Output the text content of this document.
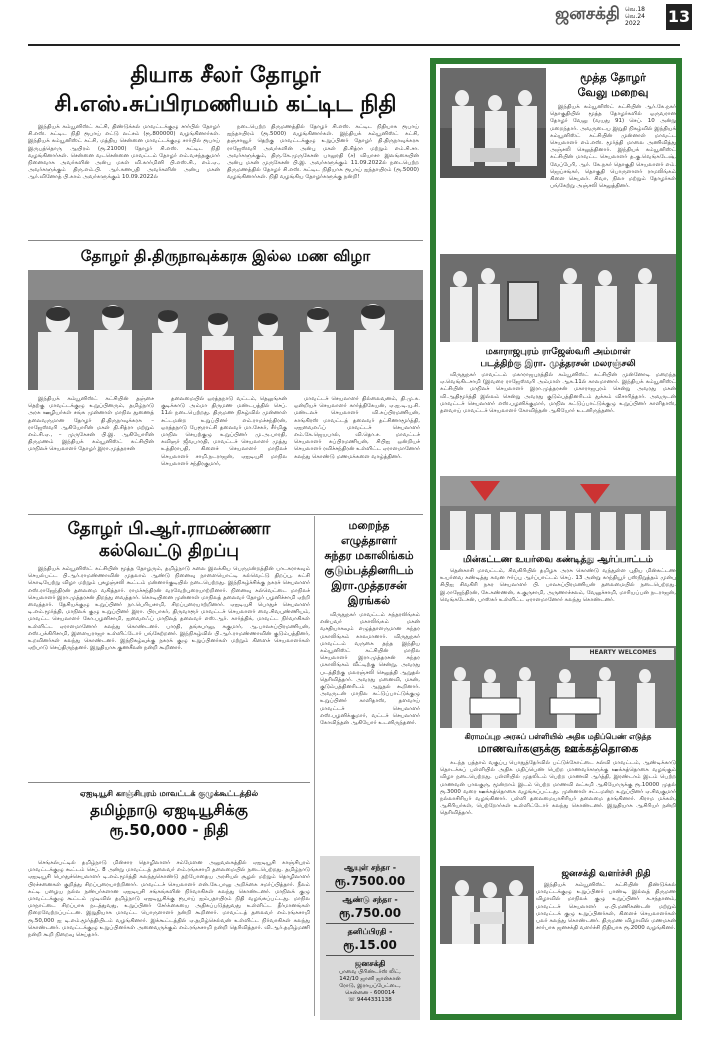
ஜனசக்தி வெ.18
வெ.24
2022	13
தியாக சீலர் தோழர்
சி.எஸ்.சுப்பிரமணியம் கட்டிட நிதி

இந்தியக் கம்யூனிஸ்ட் கட்சி, திண்டுக்கல் மாவட்டக்குழு சார்பில் தோழர் சி.எஸ். கட்டிட நிதி ரூபாய் எட்டு லட்சம் (ரூ.800000) வழங்கினார்கள். இந்தியக் கம்யூனிஸ்ட் கட்சி, மத்திய சென்னை மாவட்டக்குழு சார்பில் ரூபாய் இருபத்தொரு ஆயிரம் (ரூ.21000) தோழர் சி.எஸ். கட்டிட நிதி வழங்கினார்கள். சென்னை வடசென்னை மாவட்டம் தோழர் எம்.வசந்தகுமார் நினைவாக அவர்களின் அன்பு மகள் வி.கார்மினி பி.எஸ்.சி., எம்.ஏ., அவர்களுக்கும் திரு.எம்.பி. ஆர்.கணபதி அவர்களின் அன்பு மகன் ஆர்.வினோத் பி.காம் அவர்களுக்கும் 10.09.2022ல்

நடைபெற்ற திருமணத்தில் தோழர் சி.எஸ். கட்டிட நிதியாக ரூபாய் ஐந்தாயிரம் (ரூ.5000) வழங்கினார்கள். இந்தியக் கம்யூனிஸ்ட் கட்சி, தஞ்சாவூர் தெற்கு மாவட்டக்குழு உறுப்பினர் தோழர் தி.திருநாவுக்கரசு ராஜேஸ்வரி அவர்களின் அன்பு மகள் தி.சித்ரா மற்றும் எம்.சி.சா. அவர்களுக்கும், திரு.கே.முருகேசன் பாலுரதி (ச) வியாசா இலங்கையின் அன்பு மகன் முருகேசன் பி.இ. அவர்களுக்கும் 11.09.2022ல் நடைபெற்ற திருமணத்தில் தோழர் சி.எஸ். கட்டிட நிதியாக ரூபாய் ஐந்தாயிரம் (ரூ.5000) வழங்கினார்கள். நிதி வழங்கிய தோழர்களுக்கு நன்றி!

தோழர் தி.திருநாவுக்கரசு இல்ல மண விழா

இந்தியக் கம்யூனிஸ்ட் கட்சியின் தஞ்சை தெற்கு மாவட்டக்குழு உறுப்பினரும், தமிழ்நாடு அரசு ஊழியர்கள் சங்க முன்னாள் மாநில துணைத் தலைவருமான தோழர் தி.திருநாவுக்கரசு – ராஜேஸ்வரி ஆகியோரின் மகள் தி.சித்ரா மற்றும் எம்.சி.ஏ., – முருகேசன் பி.இ. ஆகியோரின் திருமணம் இந்தியக் கம்யூனிஸ்ட் கட்சியின் மாநிலச் செயலாளர் தோழர் இரா.முத்தரசன்

தலைமையில் ஒரத்தநாடு வட்டம், தெலுங்கன் குடிக்காடு அம்மா திருமண மண்டபத்தில் செப். 11ல் நடைபெற்றது. திருமண நிகழ்வில் முன்னாள் சட்டமன்ற உறுப்பினர் எம்.ராமச்சந்திரன், ஒரத்தநாடு பேரூராட்சி தலைவர் மா.சேகர், சீர்மிகு மாநில செயற்குழு உறுப்பினர் மு.அ.பாரதி, கவிஞர் ஜீவபாரதி, மாவட்டச் செயலாளர் முத்து உத்திராபதி, கிளைச் செயலாளர் மாநிலச் செயலாளர் சாமி.நடராஜன், ஏஐடியுசி மாநில செயலாளர் சந்திரகுமார்,

மாவட்டச் செயலாளர் தில்லைவனம், தி.மு.க. ஒன்றியச் செயலாளர் கார்த்திகேயன், ஏ.ஐ.டி.யு.சி. மண்டலச் செயலாளர் வி.சுப்பிரமணியன், காங்கிரஸ் மாவட்டத் தலைவர் தட்சிணாமூர்த்தி, ஏஐவைஎஃப் மாவட்டச் செயலாளர் எம்.கே.ஜெயபால், வி.தொ.ச. மாவட்டச் செயலாளர் சுப்பிரமணியன், சிபிஐ ஒன்றியச் செயலாளர் ரவிச்சந்திரன் உள்ளிட்ட ஏராளமானோர் கலந்து கொண்டு மணமக்களை வாழ்த்தினர்.

தோழர் பி.ஆர்.ராமண்ணா
கல்வெட்டு திறப்பு

இந்தியக் கம்யூனிஸ்ட் கட்சியின் மூத்த தோழரும், தமிழ்நாடு கலை இலக்கிய பெருமன்றத்தின் பாடகராகவும் செயல்பட்ட பி.ஆர்.ராமண்ணாவின் முதலாம் ஆண்டு நினைவு நாளையொட்டி கல்வெட்டு திறப்பு, கட்சி கொடியேற்று விழா மற்றும் புகழஞ்சலி கூட்டம் மன்னார்குடியில் நடைபெற்றது. இந்நிகழ்ச்சிக்கு நகரச் செயலாளர் எஸ்.ராஜேந்திரன் தலைமை வகித்தார். ராமச்சந்திரன் வரவேற்புரையாற்றினார். நினைவு கல்வெட்டை மாநிலச் செயலாளர் இரா.முத்தரசன் திறந்து வைத்தார். கொடியினை முன்னாள் மாநிலத் தலைவர் தோழர் பழனிச்சாமி ஏற்றி வைத்தார். தேசியக்குழு உறுப்பினர் நா.பெரியசாமி, சிறப்புரையாற்றினார். ஏஐடியுசி பொதுச் செயலாளர் டி.எம்.மூர்த்தி, மாநிலக் குழு உறுப்பினர் இரா. பிரபாகர், திருவாரூர் மாவட்டச் செயலாளர் வை.சிவபுண்ணியம், மாவட்ட செயலாளர் கோ.பழனிசாமி, ஐவைஎஃப் மாநிலத் தலைவர் எஸ்.ஆர். கார்த்திக், மாவட்ட நிர்வாகிகள் உள்ளிட்ட ஏராளமானோர் கலந்து கொண்டனர். பாரதி, தங்கபாலு, சுகுமார், ஆ.பாலசுப்பிரமணியன், எஸ்.பக்கிரிசாமி, இளையராஜா உள்ளிட்டோர் பங்கேற்றனர். இந்நிகழ்வில் பி.ஆர்.ராமண்ணாவின் குடும்பத்தினர், உறவினர்கள் கலந்து கொண்டனர். இந்நிகழ்வுக்கு நகரக் குழு உறுப்பினர்கள் மற்றும் கிளைச் செயலாளர்கள் ஏற்பாடு செய்திருந்தனர். இறுதியாக குணசீலன் நன்றி கூறினார்.

மறைந்த
எழுத்தாளர்
சுந்தர மகாலிங்கம்
குடும்பத்தினரிடம்
இரா.முத்தரசன்
இரங்கல்

விருதுநகர் மாவட்டம் சுந்தரலிங்கம் என்பவர் மகாலிங்கம் மகன் வசதியாகவும் எழுத்தாளருமான சுந்தர மகாலிங்கம் காலமானார். விருதுநகர் மாவட்டம் வருகை தந்த இந்திய கம்யூனிஸ்ட் கட்சியின் மாநில செயலாளர் இரா.முத்தரசன் சுந்தர மகாலிங்கம் வீட்டிற்கு சென்று, அவரது படத்திற்கு மலரஞ்சலி செலுத்தி ஆறுதல் தெரிவித்தார். அவரது மனைவி, மகன், குடும்பத்தினரிடம் ஆறுதல் கூறினார். அவருடன் மாநில கட்டுப்பாட்டுக்குழு உறுப்பினர் காளிதாஸ், தளவாய் மாவட்டச் செயலாளர் எஸ்.பழனிக்குமார், வட்டச் செயலாளர் கோவிந்தன் ஆகியோர் உடனிருந்தனர்.

ஆயுள் சந்தா -
ரூ.7500.00
ஆண்டு சந்தா -
ரூ.750.00
தனிப்பிரதி -
ரூ.15.00
ஜனசக்தி
பாவை பிரிண்டர்ஸ் லிட்,
142/10 ஜானி ஜான்கான்
ரோடு, இராயப்பேட்டை,
சென்னை - 600014
☏ 9444331138
ஏஐடியூசி காஞ்சிபுரம் மாவட்டக் குழுக்கூட்டத்தில்
தமிழ்நாடு ஏஐடியூசிக்கு
ரூ.50,000 - நிதி

செங்கல்பட்டில் தமிழ்நாடு மின்சார தொழிலாளர் சம்மேளன அலுவலகத்தில் ஏஐடியூசி காஞ்சிபுரம் மாவட்டக்குழு கூட்டம் செப். 8 அன்று மாவட்டத் தலைவர் எம்.ரங்கசாமி தலைமையில் நடைபெற்றது. தமிழ்நாடு ஏஐடியூசி பொதுச்செயலாளர் டி.எம்.மூர்த்தி கலந்துகொண்டு தற்போதைய அரசியல் சூழல் மற்றும் தொழிலாளர் பிரச்சனைகள் குறித்து சிறப்புரையாற்றினார். மாவட்டச் செயலாளர் என்.கே.பாலு அறிக்கை சமர்ப்பித்தார். நீலம் கட்டி பழைய நல்ல நண்பர்களான ஏஐடியுசி சங்கங்களின் நிர்வாகிகள் கலந்து கொண்டனர். மாநிலக் குழு மாவட்டக்குழு கூட்டம் முடிவில் தமிழ்நாடு ஏஐடியூசிக்கு ரூபாய் ஐம்பதாயிரம் நிதி வழங்கப்பட்டது. மாநில மாநாட்டை சிறப்பாக நடத்துவது, உறுப்பினர் சேர்க்கையை அதிகப்படுத்துவது உள்ளிட்ட தீர்மானங்கள் நிறைவேற்றப்பட்டன. இறுதியாக மாவட்ட பொருளாளர் நன்றி கூறினார். மாவட்டத் தலைவர் எம்.ரங்கசாமி ரூ.50,000 ஐ டி.எம்.மூர்த்தியிடம் வழங்கினார். இக்கூட்டத்தில் ஏ.தமிழ்செல்வன் உள்ளிட்ட நிர்வாகிகள் கலந்து கொண்டனர். மாவட்டக்குழு உறுப்பினர்கள் அனைவருக்கும் எம்.ரங்கசாமி நன்றி தெரிவித்தார். வி.ஆர்.தமிழ்மணி நன்றி கூறி நிறைவு செய்தார்.

மூத்த தோழர்
வேலு மறைவு
இந்தியக் கம்யூனிஸ்ட் கட்சியின் ஆர்.கே.நகர் தொகுதியில் மூத்த தோழர்களில் ஒருவரான தோழர் வேலு (வயது 91) செப். 10 அன்று மறைந்தார். அவருடைய இறுதி நிகழ்வில் இந்தியக் கம்யூனிஸ்ட் கட்சியின் முன்னாள் மாவட்ட செயலாளர் எம்.எஸ். மூர்த்தி மாலை அணிவித்து அஞ்சலி செலுத்தினார். இந்தியக் கம்யூனிஸ்ட் கட்சியின் மாவட்ட செயலாளர் த.கு.வெங்கடேஷ், வேப்பேரி, ஆர். கே.நகர் தொகுதி செயலாளர் எம். ஜெய்சங்கர், தொகுதி பொருளாளர் ராமலிங்கம் கிளை செயலர். சிவா, நிலா மற்றும் தோழர்கள் பங்கேற்று அஞ்சலி செலுத்தினர்.
மகாராஜபுரம் ராஜேஸ்வரி அம்மாள்
படத்திற்கு இரா. முத்தரசன் மலரஞ்சலி

விருதுநகர் மாவட்டம் மகாராஜபுரத்தில் கம்யூனிஸ்ட் கட்சியின் முன்னோடி மறைந்த ஏ.வெங்கிடசாமி (இவரை ராஜேஸ்வரி அம்மாள் ஆக.11ல் காலமானார். இந்தியக் கம்யூனிஸ்ட் கட்சியின் மாநிலச் செயலாளர் இரா.முத்தரசன் மகாராஜபுரம் சென்று அவரது மகன் வி.ஆதிமூர்த்தி இல்லம் சென்று அவரது குடும்பத்தினரிடம் துக்கம் விசாரித்தார். அவருடன் மாவட்டச் செயலாளர் எஸ்.பழனிக்குமார், மாநில கட்டுப்பாட்டுக்குழு உறுப்பினர் காளிதாஸ், தளவாய் மாவட்டச் செயலாளர் கோவிந்தன் ஆகியோர் உடனிருந்தனர்.

மின்கட்டண உயர்வை கண்டித்து ஆர்ப்பாட்டம்

தென்காசி மாவட்டம், சிவகிரியில் தமிழக அரசு கொண்டு வந்துள்ள புதிய மின்கட்டண உயர்வை கண்டித்து கவன ஈர்ப்பு ஆர்ப்பாட்டம் செப். 13 அன்று காந்தியூர் பஸ்நிறுத்தம் முன்பு சிபிஐ சிவகிரி நகர செயலாளர் பி. பாலசுப்பிரமணியன் தலைமையில் நடைபெற்றது. இ.ராஜேந்திரன், கே.கண்ணன், க.குருசாமி, அருணாச்சலம், வேலுச்சாமி, மாரியப்பன் நடராஜன், வெங்கடேசன், பாஸ்கர் உள்ளிட்ட ஏராளமானோர் கலந்து கொண்டனர்.

HEARTY WELCOMES
கிராமப்புற அரசுப் பள்ளியில் அதிக மதிப்பெண் எடுத்த
மாணவர்களுக்கு ஊக்கத்தொகை

கடந்த பத்தாம் வகுப்பு பொதுத்தேர்வில் பட்டுக்கோட்டை கல்வி மாவட்டம், ஆண்டிக்காடு தொடக்கப் பள்ளியில் அதிக மதிப்பெண் பெற்ற மாணவர்களுக்கு ஊக்கத்தொகை வழங்கும் விழா நடைபெற்றது. பள்ளியில் முதலிடம் பெற்ற மாணவி ஆர்த்தி, இரண்டாம் இடம் பெற்ற மாணவன் பாலகுரு, மூன்றாம் இடம் பெற்ற மாணவி லட்சுமி ஆகியோருக்கு ரூ.10000 முதல் ரூ.3000 வரை ஊக்கத்தொகை வழங்கப்பட்டது. முன்னாள் சட்டமன்ற உறுப்பினர் ஏ.சிவகுமார் நல்லாசிரியர் வழங்கினார். பள்ளி தலைமையாசிரியர் தலைமை தாங்கினார். கிராம மக்கள், ஆசிரியர்கள், பெற்றோர்கள் உள்ளிட்டோர் கலந்து கொண்டனர். இறுதியாக ஆசிரியர் நன்றி தெரிவித்தார்.

ஜனசக்தி வளர்ச்சி நிதி
இந்தியக் கம்யூனிஸ்ட் கட்சியின் திண்டுக்கல் மாவட்டக்குழு உறுப்பினர் பாண்டி இல்லத் திருமண விழாவில் மாநிலக் குழு உறுப்பினர் க.சந்தானம், மாவட்டச் செயலாளர் ஏ.பி.மணிகண்டன் மற்றும் மாவட்டக் குழு உறுப்பினர்கள், கிளைச் செயலாளர்கள் பலர் கலந்து கொண்டனர். திருமண விழாவில் மணமகன் சார்பாக ஜனசக்தி வளர்ச்சி நிதியாக ரூ.2000 வழங்கினர்.
